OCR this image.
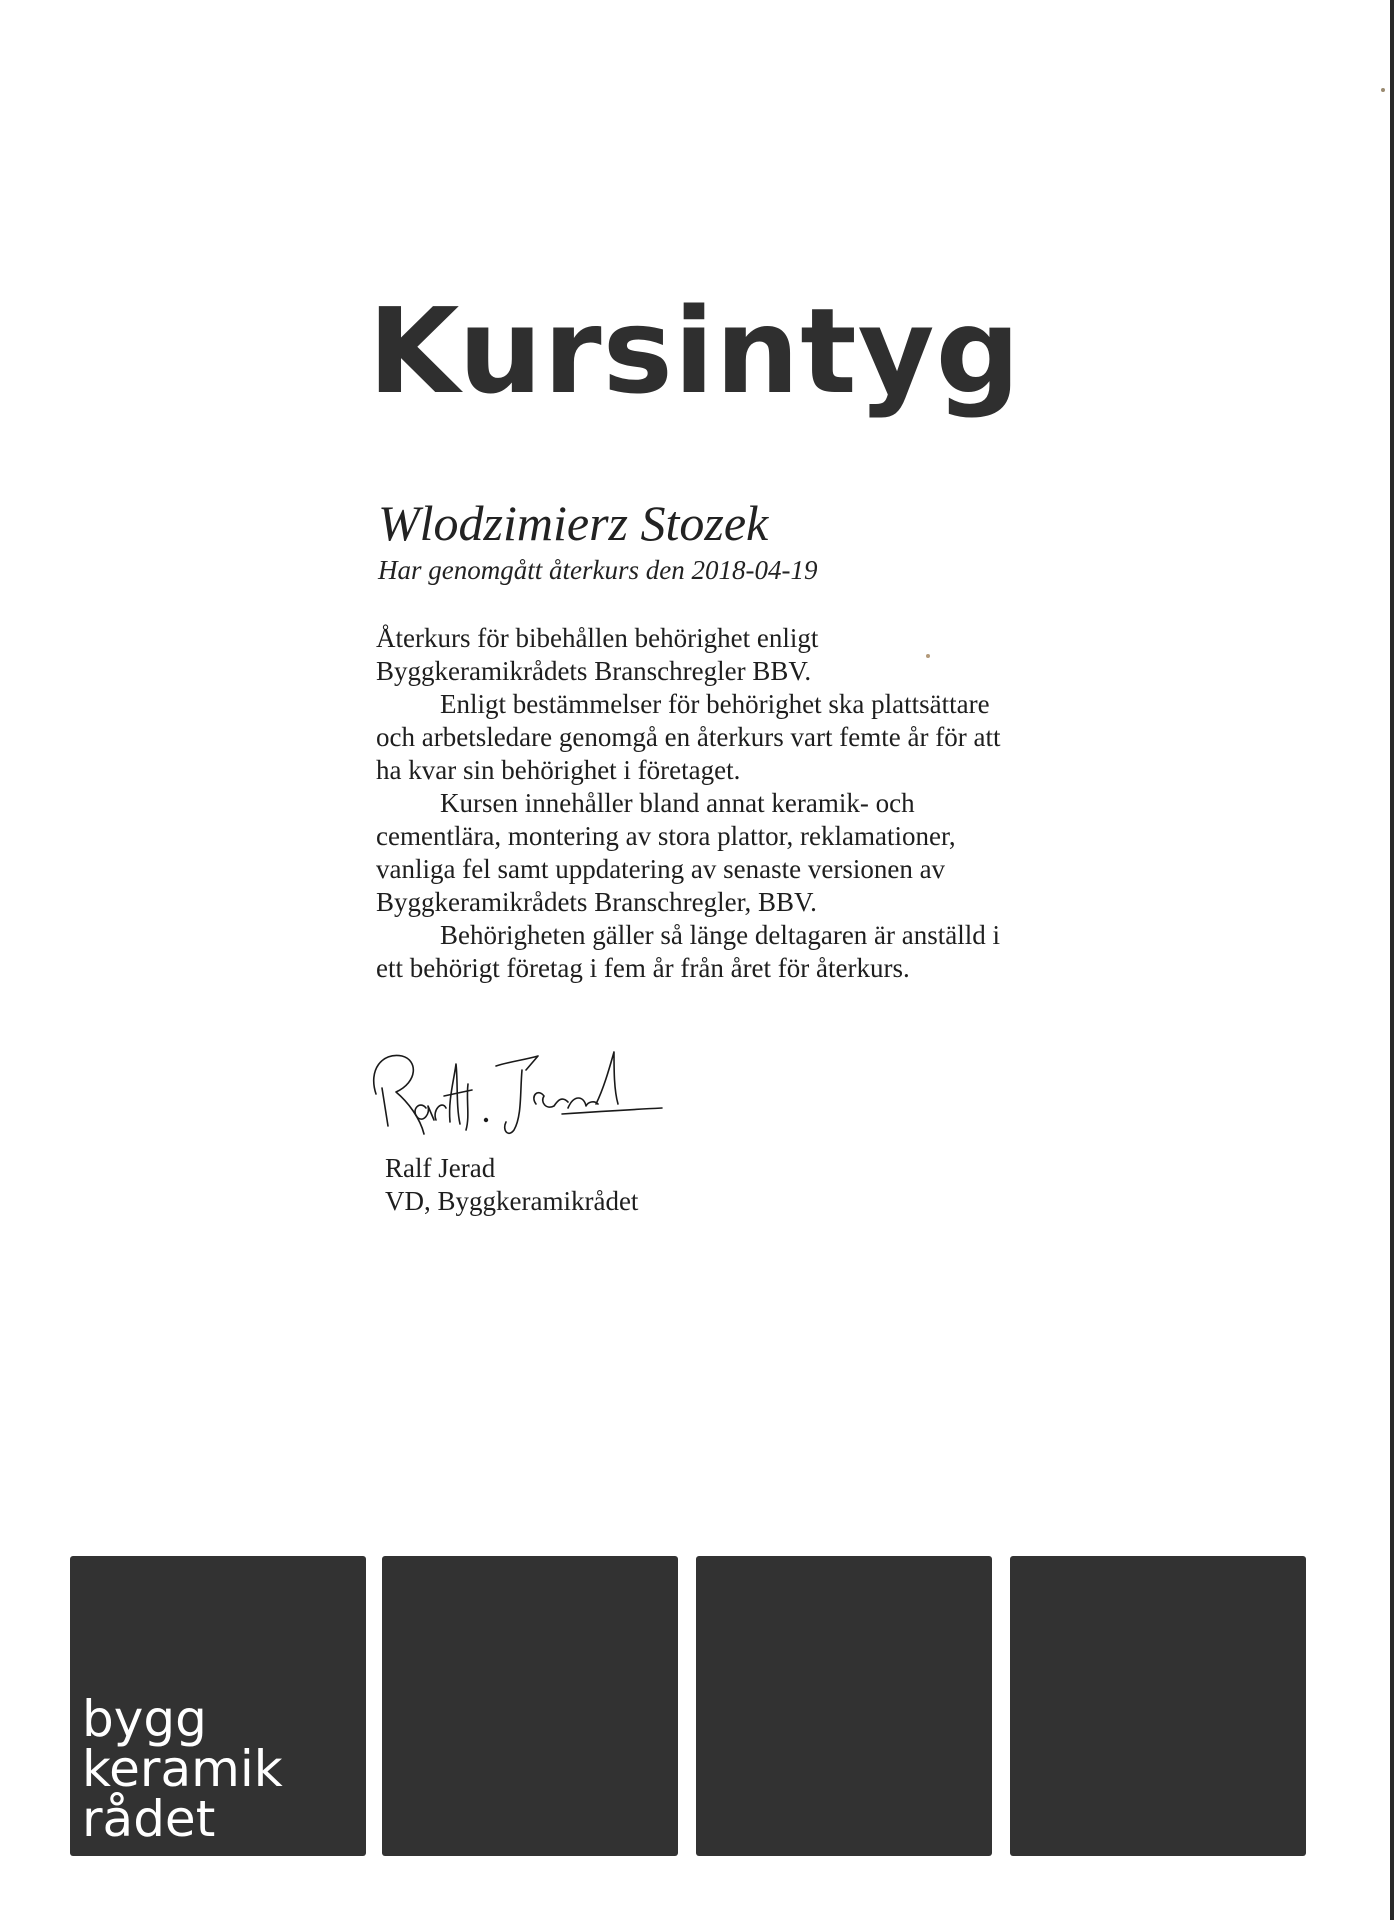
Kursintyg
Wlodzimierz Stozek
Har genomgått återkurs den 2018-04-19

Återkurs för bibehållen behörighet enligt Byggkeramikrådets Branschregler BBV.

Enligt bestämmelser för behörighet ska plattsättare och arbetsledare genomgå en återkurs vart femte år för att ha kvar sin behörighet i företaget.

Kursen innehåller bland annat keramik- och cementlära, montering av stora plattor, reklamationer, vanliga fel samt uppdatering av senaste versionen av Byggkeramikrådets Branschregler, BBV.

Behörigheten gäller så länge deltagaren är anställd i ett behörigt företag i fem år från året för återkurs.

Ralf Jerad
VD, Byggkeramikrådet
bygg
keramik
rådet
